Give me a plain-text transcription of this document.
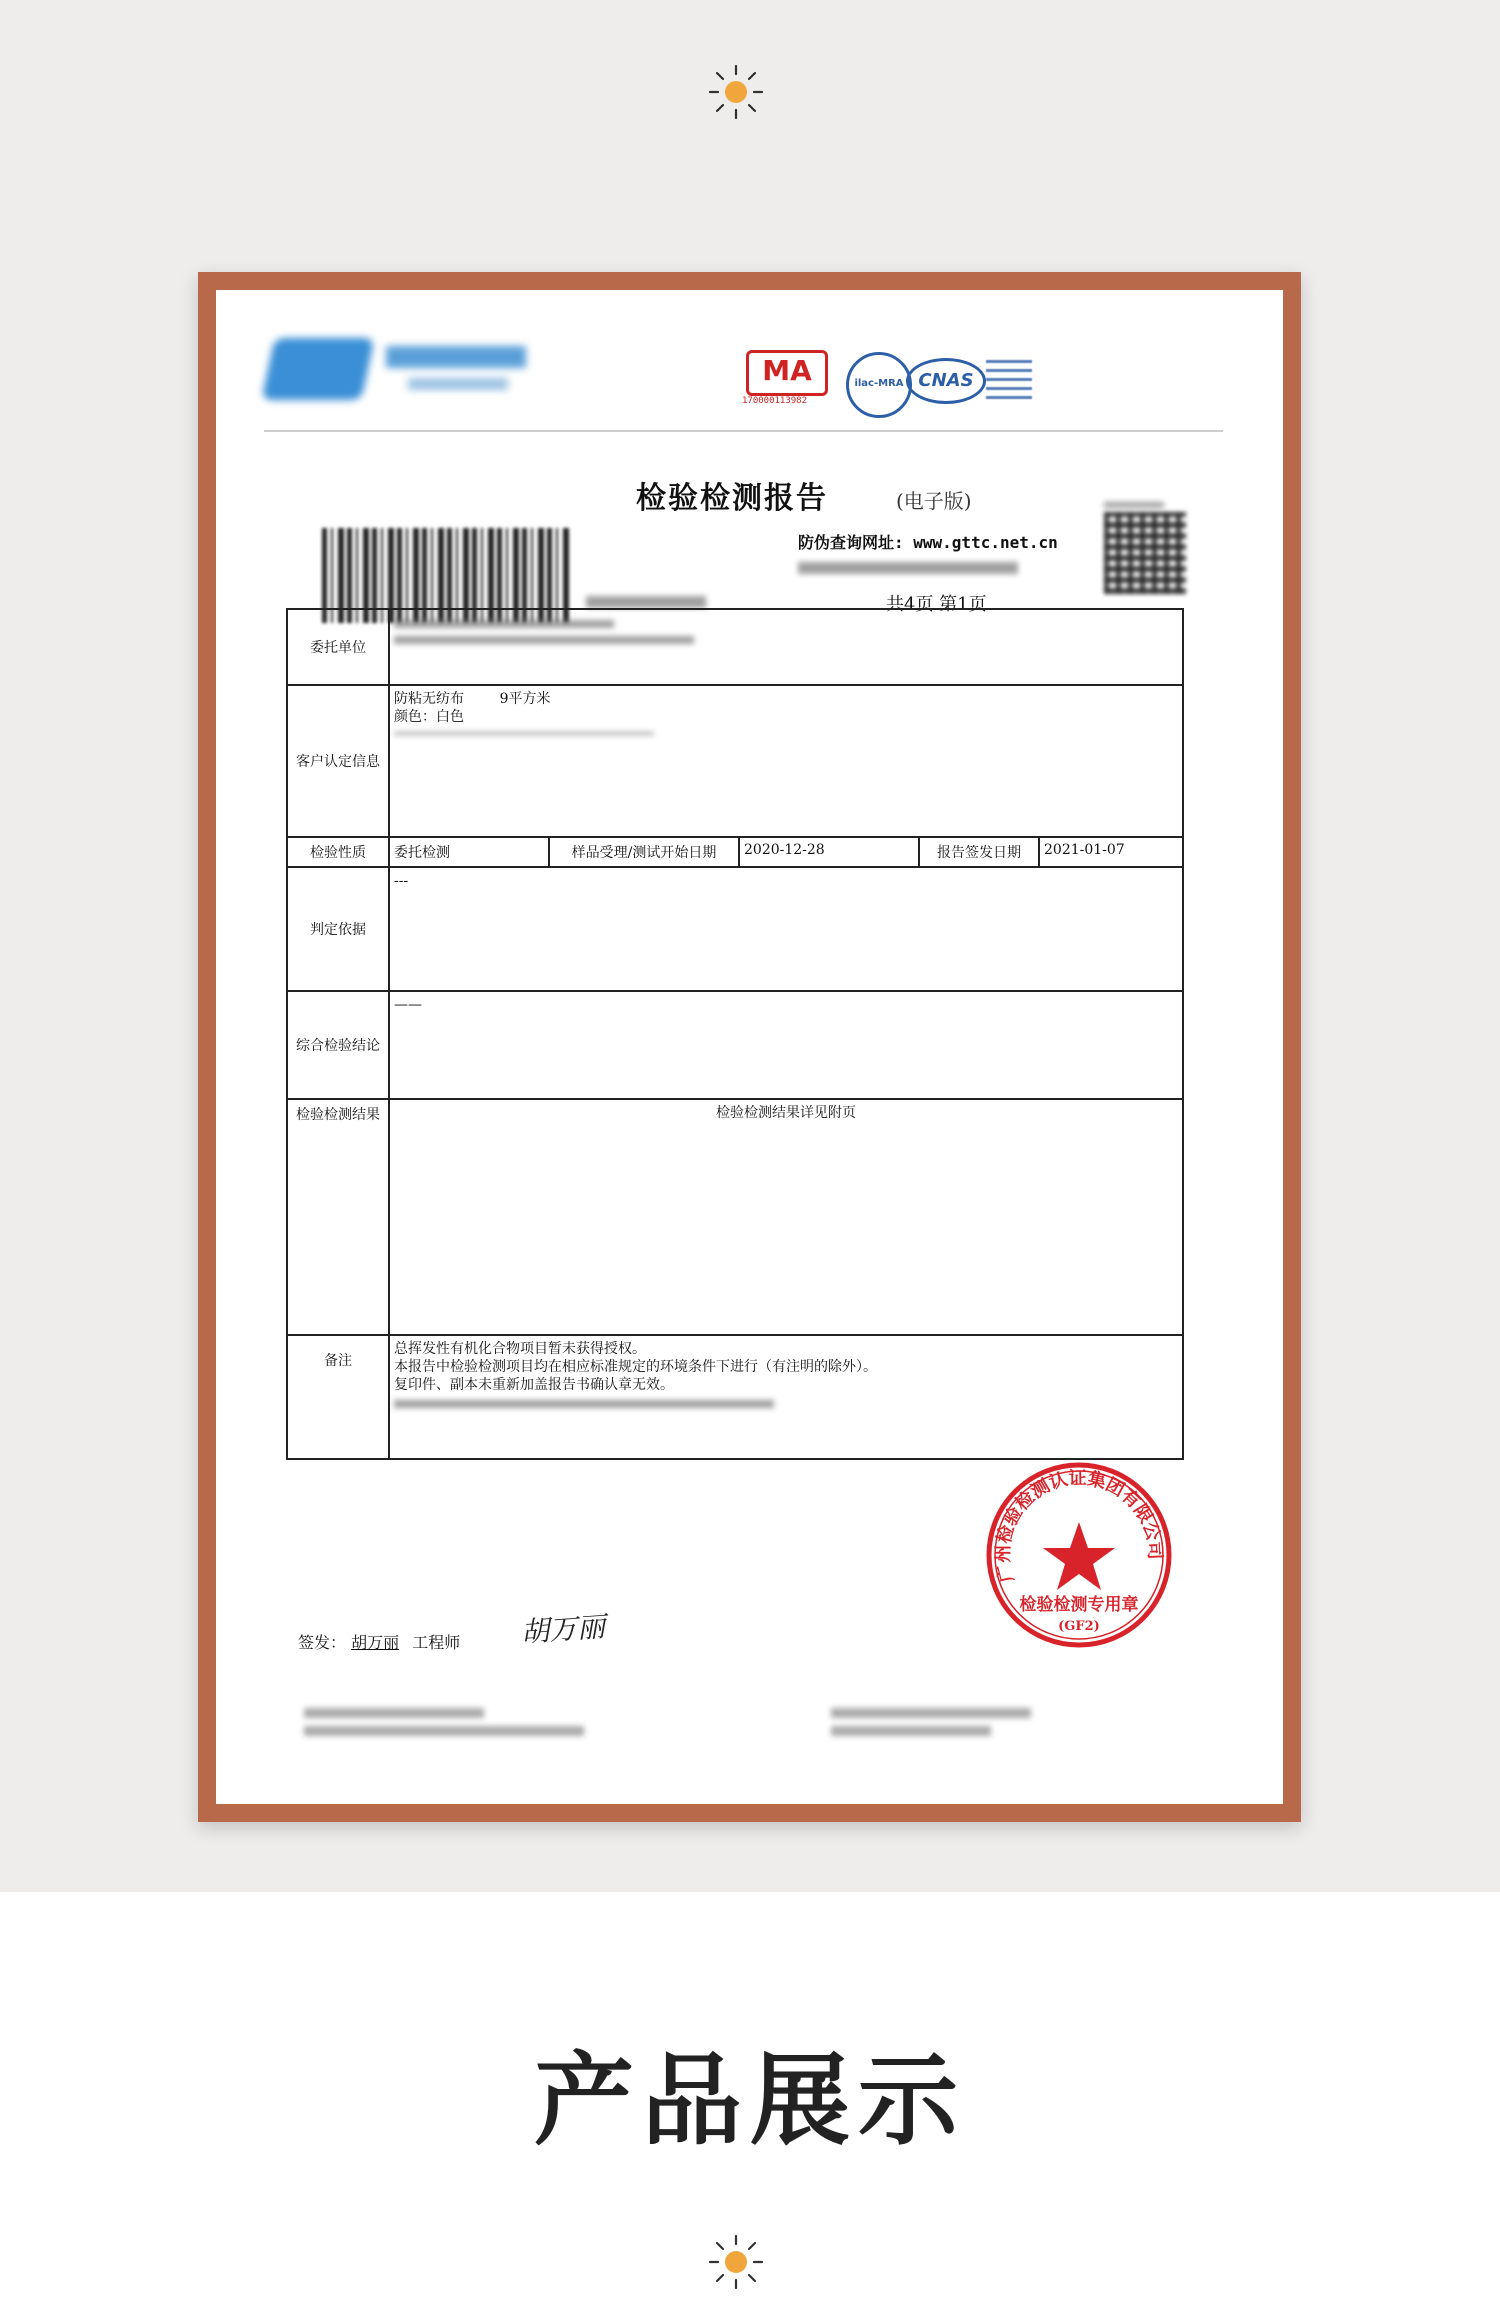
MA
170000113982
ilac-MRA CNAS
检验检测报告	(电子版)
防伪查询网址: www.gttc.net.cn
共4页 第1页
委托单位					

客户认定信息	防粘无纺布        9平方米
颜色：白色				

检验性质	委托检测	样品受理/测试开始日期	2020-12-28	报告签发日期	2021-01-07
判定依据	---				
综合检验结论	——				
检验检测结果	检验检测结果详见附页				
备注	总挥发性有机化合物项目暂未获得授权。
本报告中检验检测项目均在相应标准规定的环境条件下进行（有注明的除外）。
复印件、副本未重新加盖报告书确认章无效。				
广州检验检测认证集团有限公司
检验检测专用章
(GF2)
签发： 胡万丽 工程师 胡万丽
产品展示
